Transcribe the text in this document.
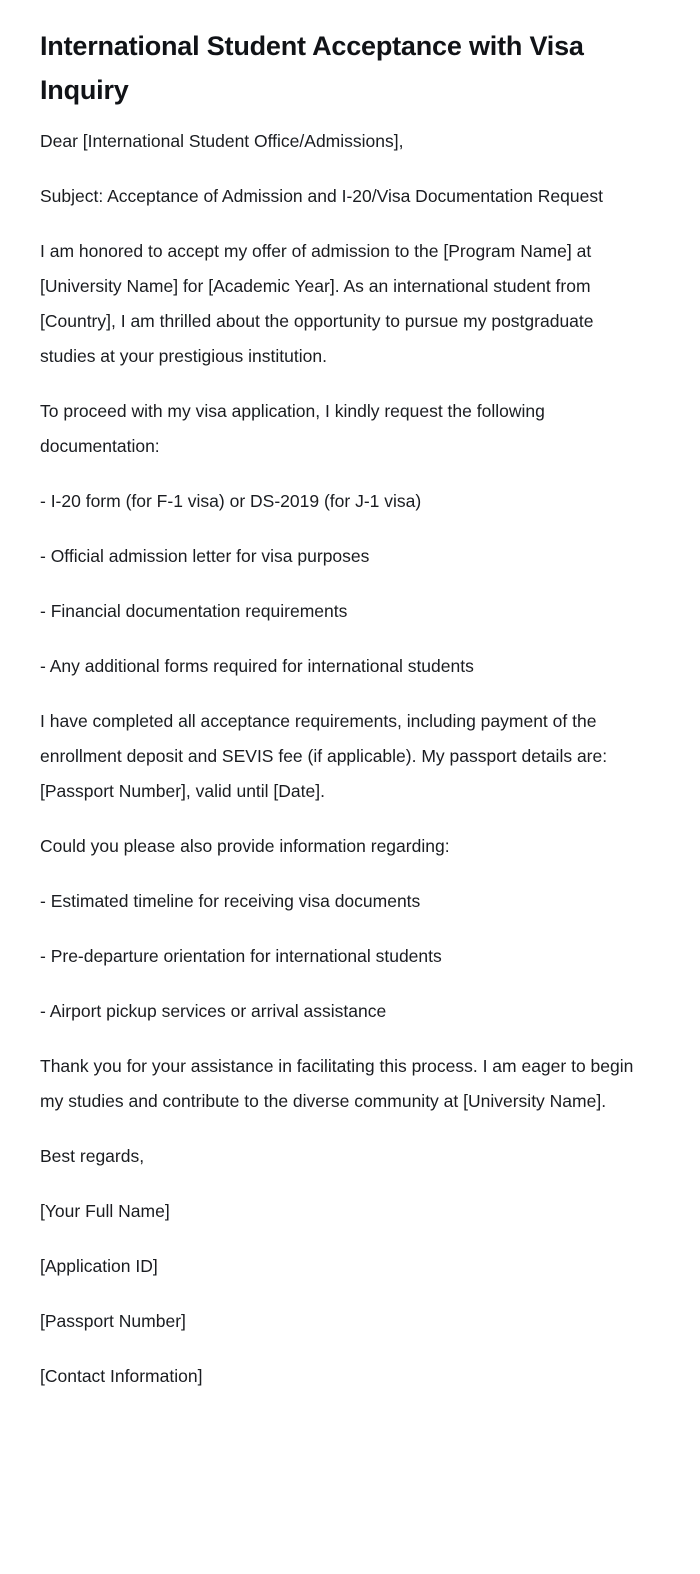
International Student Acceptance with Visa Inquiry

Dear [International Student Office/Admissions],

Subject: Acceptance of Admission and I-20/Visa Documentation Request

I am honored to accept my offer of admission to the [Program Name] at [University Name] for [Academic Year]. As an international student from [Country], I am thrilled about the opportunity to pursue my postgraduate studies at your prestigious institution.

To proceed with my visa application, I kindly request the following documentation:

- I-20 form (for F-1 visa) or DS-2019 (for J-1 visa)

- Official admission letter for visa purposes

- Financial documentation requirements

- Any additional forms required for international students

I have completed all acceptance requirements, including payment of the enrollment deposit and SEVIS fee (if applicable). My passport details are: [Passport Number], valid until [Date].

Could you please also provide information regarding:

- Estimated timeline for receiving visa documents

- Pre-departure orientation for international students

- Airport pickup services or arrival assistance

Thank you for your assistance in facilitating this process. I am eager to begin my studies and contribute to the diverse community at [University Name].

Best regards,

[Your Full Name]

[Application ID]

[Passport Number]

[Contact Information]
